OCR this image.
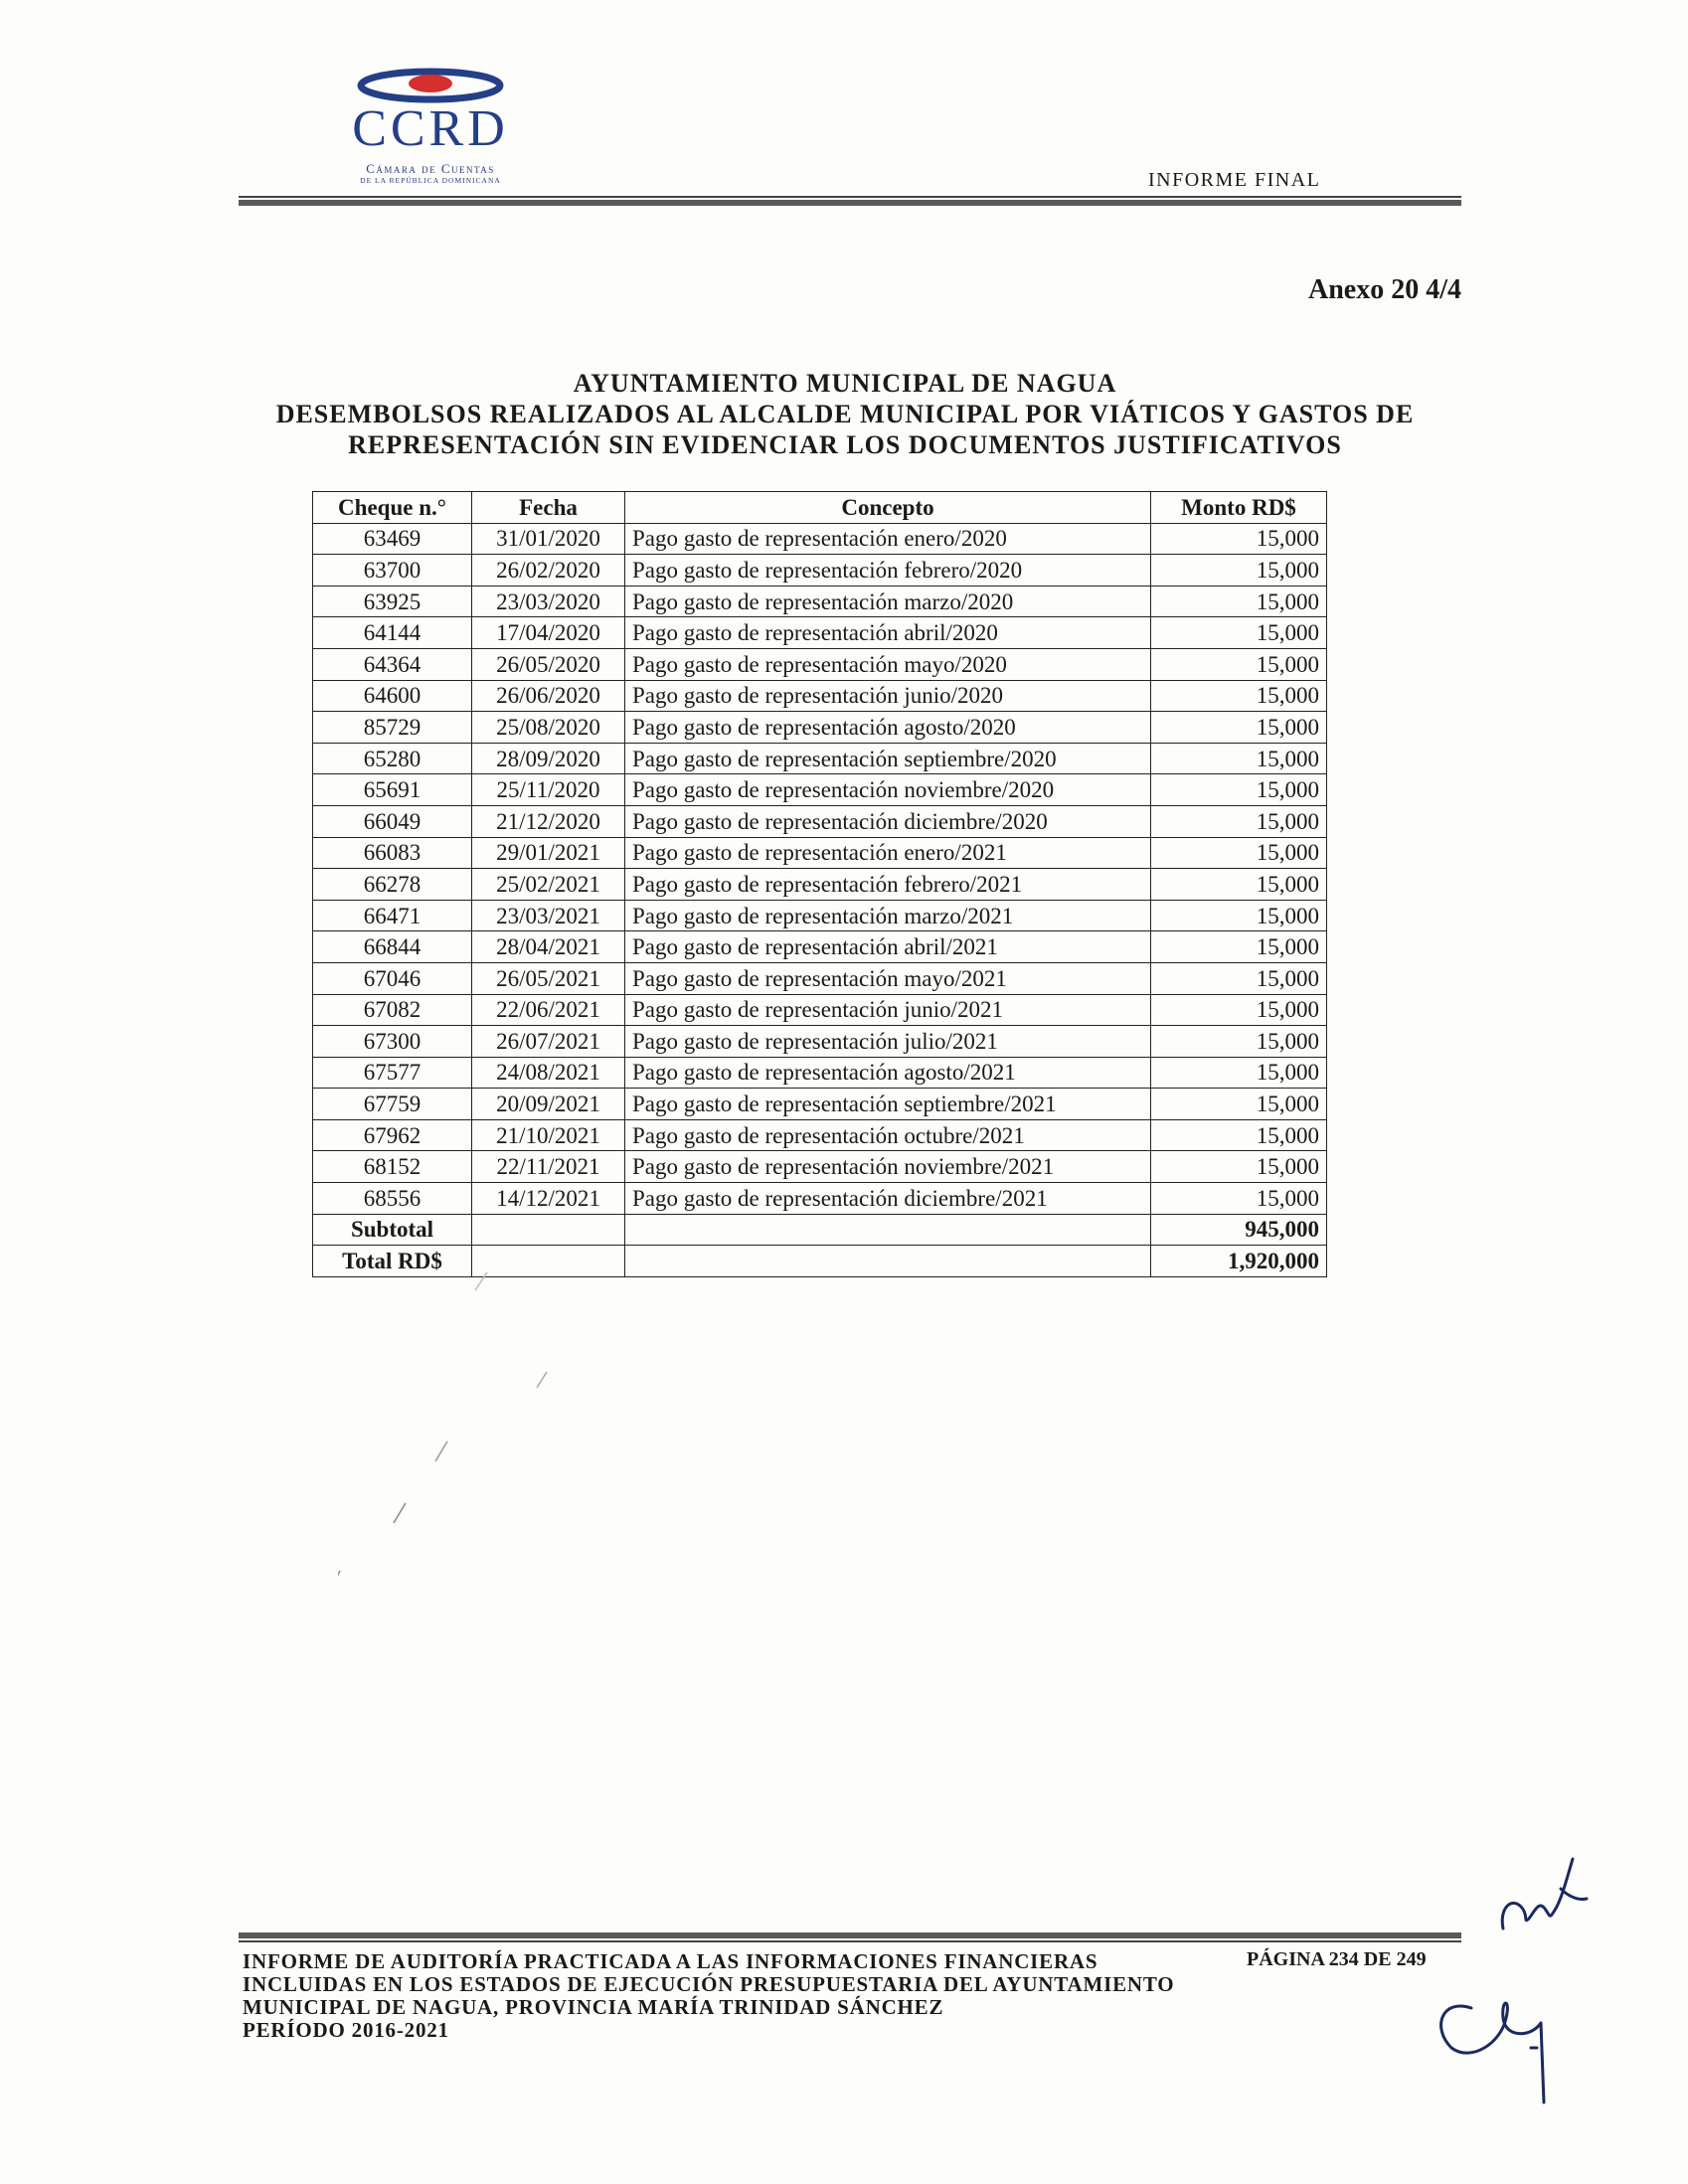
CCRD
Cámara de Cuentas
DE LA REPÚBLICA DOMINICANA	INFORME FINAL
Anexo 20 4/4
AYUNTAMIENTO MUNICIPAL DE NAGUA
DESEMBOLSOS REALIZADOS AL ALCALDE MUNICIPAL POR VIÁTICOS Y GASTOS DE
REPRESENTACIÓN SIN EVIDENCIAR LOS DOCUMENTOS JUSTIFICATIVOS
Cheque n.°	Fecha	Concepto	Monto RD$
63469	31/01/2020	Pago gasto de representación enero/2020	15,000
63700	26/02/2020	Pago gasto de representación febrero/2020	15,000
63925	23/03/2020	Pago gasto de representación marzo/2020	15,000
64144	17/04/2020	Pago gasto de representación abril/2020	15,000
64364	26/05/2020	Pago gasto de representación mayo/2020	15,000
64600	26/06/2020	Pago gasto de representación junio/2020	15,000
85729	25/08/2020	Pago gasto de representación agosto/2020	15,000
65280	28/09/2020	Pago gasto de representación septiembre/2020	15,000
65691	25/11/2020	Pago gasto de representación noviembre/2020	15,000
66049	21/12/2020	Pago gasto de representación diciembre/2020	15,000
66083	29/01/2021	Pago gasto de representación enero/2021	15,000
66278	25/02/2021	Pago gasto de representación febrero/2021	15,000
66471	23/03/2021	Pago gasto de representación marzo/2021	15,000
66844	28/04/2021	Pago gasto de representación abril/2021	15,000
67046	26/05/2021	Pago gasto de representación mayo/2021	15,000
67082	22/06/2021	Pago gasto de representación junio/2021	15,000
67300	26/07/2021	Pago gasto de representación julio/2021	15,000
67577	24/08/2021	Pago gasto de representación agosto/2021	15,000
67759	20/09/2021	Pago gasto de representación septiembre/2021	15,000
67962	21/10/2021	Pago gasto de representación octubre/2021	15,000
68152	22/11/2021	Pago gasto de representación noviembre/2021	15,000
68556	14/12/2021	Pago gasto de representación diciembre/2021	15,000
Subtotal			945,000
Total RD$			1,920,000
INFORME DE AUDITORÍA PRACTICADA A LAS INFORMACIONES FINANCIERAS
INCLUIDAS EN LOS ESTADOS DE EJECUCIÓN PRESUPUESTARIA DEL AYUNTAMIENTO
MUNICIPAL DE NAGUA, PROVINCIA MARÍA TRINIDAD SÁNCHEZ
PERÍODO 2016-2021
PÁGINA 234 DE 249
